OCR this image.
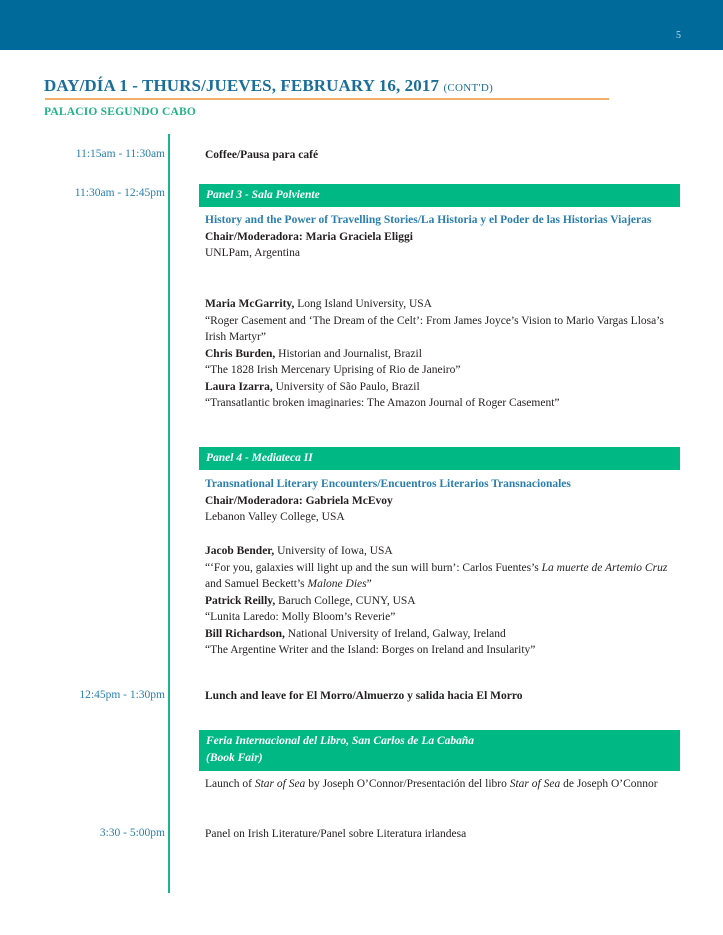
5
DAY/DÍA 1 - THURS/JUEVES, FEBRUARY 16, 2017 (CONT'D)
PALACIO SEGUNDO CABO
11:15am - 11:30am	Coffee/Pausa para café
11:30am - 12:45pm	Panel 3 - Sala Polviente

History and the Power of Travelling Stories/La Historia y el Poder de las Historias Viajeras

Chair/Moderadora: Maria Graciela Eliggi

UNLPam, Argentina

Maria McGarrity, Long Island University, USA

“Roger Casement and ‘The Dream of the Celt’: From James Joyce’s Vision to Mario Vargas Llosa’s Irish Martyr”

Chris Burden, Historian and Journalist, Brazil

“The 1828 Irish Mercenary Uprising of Rio de Janeiro”

Laura Izarra, University of São Paulo, Brazil

“Transatlantic broken imaginaries: The Amazon Journal of Roger Casement”

Panel 4 - Mediateca II

Transnational Literary Encounters/Encuentros Literarios Transnacionales

Chair/Moderadora: Gabriela McEvoy

Lebanon Valley College, USA

Jacob Bender, University of Iowa, USA

“‘For you, galaxies will light up and the sun will burn’: Carlos Fuentes’s La muerte de Artemio Cruz and Samuel Beckett’s Malone Dies”

Patrick Reilly, Baruch College, CUNY, USA

“Lunita Laredo: Molly Bloom’s Reverie”

Bill Richardson, National University of Ireland, Galway, Ireland

“The Argentine Writer and the Island: Borges on Ireland and Insularity”

12:45pm - 1:30pm	Lunch and leave for El Morro/Almuerzo y salida hacia El Morro
Feria Internacional del Libro, San Carlos de La Cabaña
(Book Fair)

Launch of Star of Sea by Joseph O’Connor/Presentación del libro Star of Sea de Joseph O’Connor

3:30 - 5:00pm	Panel on Irish Literature/Panel sobre Literatura irlandesa
